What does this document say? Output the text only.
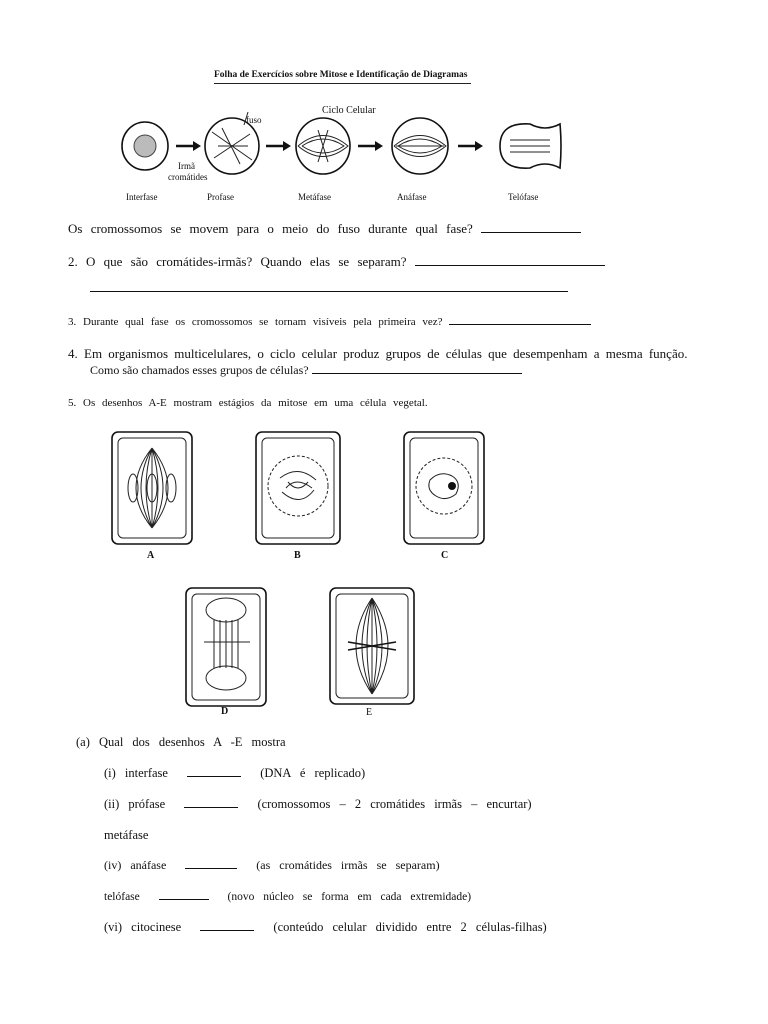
Folha de Exercícios sobre Mitose e Identificação de Diagramas
Ciclo Celular
fuso
Irmã
cromátides
Interfase	Profase	Metáfase	Anáfase	Telófase
Os cromossomos se movem para o meio do fuso durante qual fase?
2. O que são cromátides-irmãs? Quando elas se separam?
3. Durante qual fase os cromossomos se tornam visíveis pela primeira vez?
4. Em organismos multicelulares, o ciclo celular produz grupos de células que desempenham a mesma função.
Como são chamados esses grupos de células?
5. Os desenhos A-E mostram estágios da mitose em uma célula vegetal.
A	B	C
D	E
(a) Qual dos desenhos A -E mostra
(i) interfase	(DNA é replicado)
(ii) prófase	(cromossomos – 2 cromátides irmãs – encurtar)
metáfase
(iv) anáfase	(as cromátides irmãs se separam)
telófase	(novo núcleo se forma em cada extremidade)
(vi) citocinese	(conteúdo celular dividido entre 2 células-filhas)
